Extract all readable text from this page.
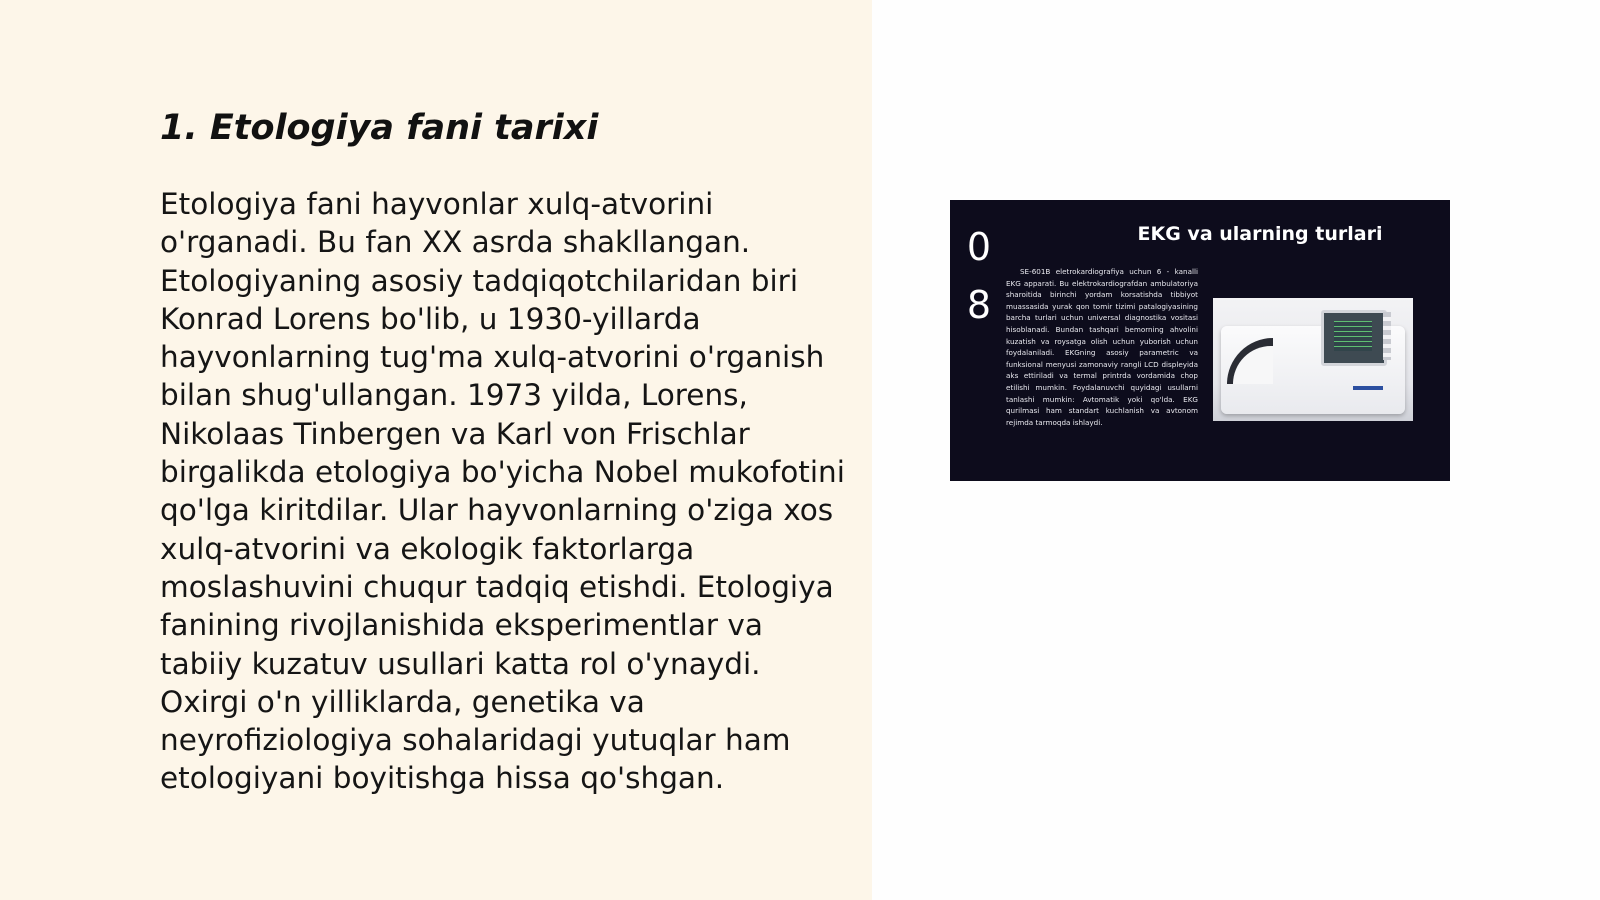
1. Etologiya fani tarixi

Etologiya fani hayvonlar xulq-atvorini o'rganadi. Bu fan XX asrda shakllangan. Etologiyaning asosiy tadqiqotchilaridan biri Konrad Lorens bo'lib, u 1930-yillarda hayvonlarning tug'ma xulq-atvorini o'rganish bilan shug'ullangan. 1973 yilda, Lorens, Nikolaas Tinbergen va Karl von Frischlar birgalikda etologiya bo'yicha Nobel mukofotini qo'lga kiritdilar. Ular hayvonlarning o'ziga xos xulq-atvorini va ekologik faktorlarga moslashuvini chuqur tadqiq etishdi. Etologiya fanining rivojlanishida eksperimentlar va tabiiy kuzatuv usullari katta rol o'ynaydi. Oxirgi o'n yilliklarda, genetika va neyrofiziologiya sohalaridagi yutuqlar ham etologiyani boyitishga hissa qo'shgan.

08
EKG va ularning turlari
SE-601B eletrokardiografiya uchun 6 - kanalli EKG apparati. Bu elektrokardiografdan ambulatoriya sharoitida birinchi yordam korsatishda tibbiyot muassasida yurak qon tomir tizimi patalogiyasining barcha turlari uchun universal diagnostika vositasi hisoblanadi. Bundan tashqari bemorning ahvolini kuzatish va roysatga olish uchun yuborish uchun foydalaniladi. EKGning asosiy parametric va funksional menyusi zamonaviy rangli LCD displeyida aks ettiriladi va termal printrda vordamida chop etilishi mumkin. Foydalanuvchi quyidagi usullarni tanlashi mumkin: Avtomatik yoki qo'lda. EKG qurilmasi ham standart kuchlanish va avtonom rejimda tarmoqda ishlaydi.
